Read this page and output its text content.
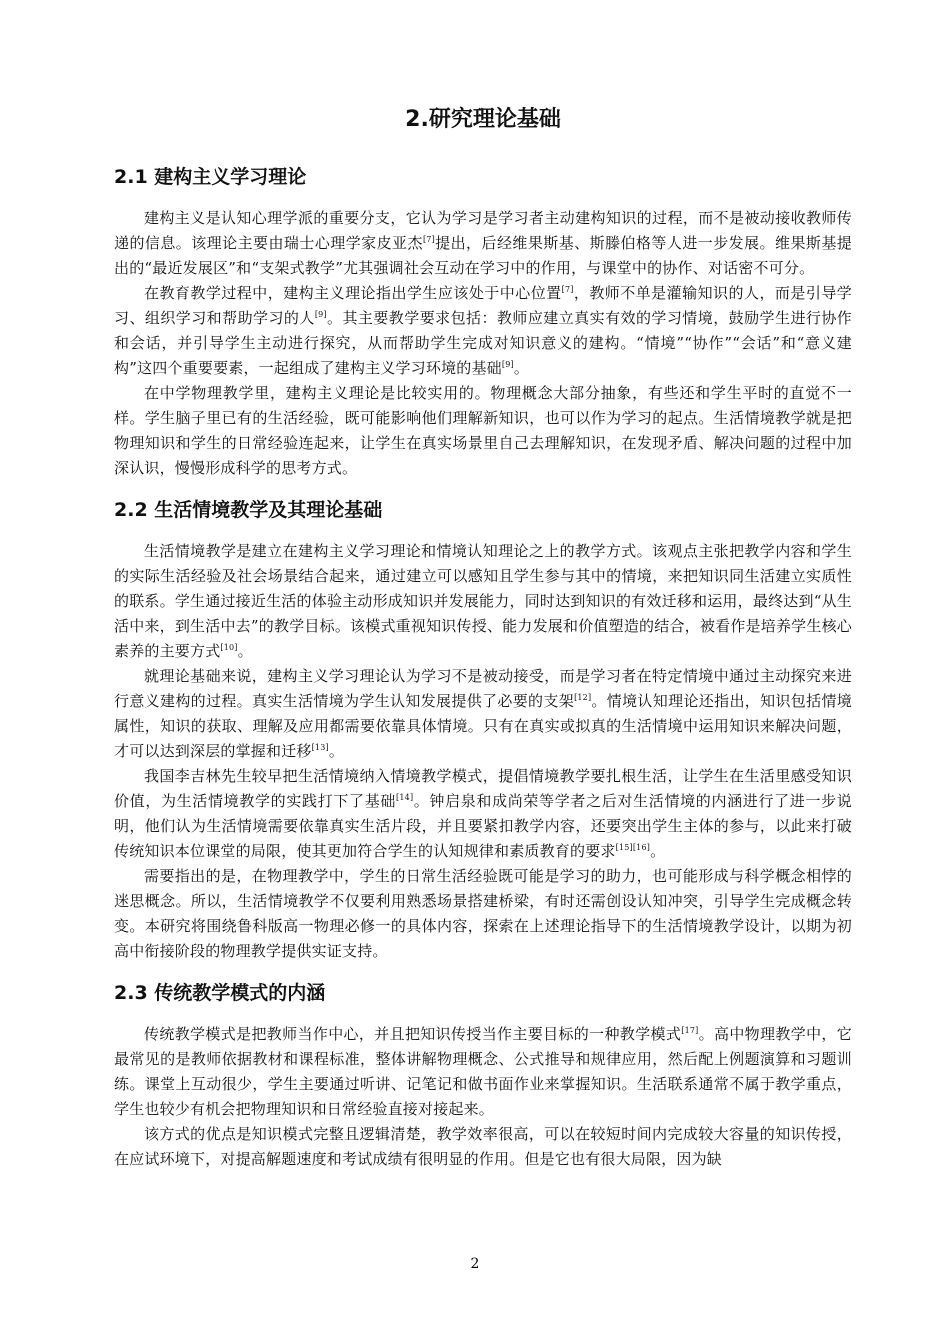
2.研究理论基础
2.1 建构主义学习理论

建构主义是认知心理学派的重要分支，它认为学习是学习者主动建构知识的过程，而不是被动接收教师传递的信息。该理论主要由瑞士心理学家皮亚杰[7]提出，后经维果斯基、斯滕伯格等人进一步发展。维果斯基提出的“最近发展区”和“支架式教学”尤其强调社会互动在学习中的作用，与课堂中的协作、对话密不可分。

在教育教学过程中，建构主义理论指出学生应该处于中心位置[7]，教师不单是灌输知识的人，而是引导学习、组织学习和帮助学习的人[9]。其主要教学要求包括：教师应建立真实有效的学习情境，鼓励学生进行协作和会话，并引导学生主动进行探究，从而帮助学生完成对知识意义的建构。“情境”“协作”“会话”和“意义建构”这四个重要要素，一起组成了建构主义学习环境的基础[9]。

在中学物理教学里，建构主义理论是比较实用的。物理概念大部分抽象，有些还和学生平时的直觉不一样。学生脑子里已有的生活经验，既可能影响他们理解新知识，也可以作为学习的起点。生活情境教学就是把物理知识和学生的日常经验连起来，让学生在真实场景里自己去理解知识，在发现矛盾、解决问题的过程中加深认识，慢慢形成科学的思考方式。

2.2 生活情境教学及其理论基础

生活情境教学是建立在建构主义学习理论和情境认知理论之上的教学方式。该观点主张把教学内容和学生的实际生活经验及社会场景结合起来，通过建立可以感知且学生参与其中的情境，来把知识同生活建立实质性的联系。学生通过接近生活的体验主动形成知识并发展能力，同时达到知识的有效迁移和运用，最终达到“从生活中来，到生活中去”的教学目标。该模式重视知识传授、能力发展和价值塑造的结合，被看作是培养学生核心素养的主要方式[10]。

就理论基础来说，建构主义学习理论认为学习不是被动接受，而是学习者在特定情境中通过主动探究来进行意义建构的过程。真实生活情境为学生认知发展提供了必要的支架[12]。情境认知理论还指出，知识包括情境属性，知识的获取、理解及应用都需要依靠具体情境。只有在真实或拟真的生活情境中运用知识来解决问题，才可以达到深层的掌握和迁移[13]。

我国李吉林先生较早把生活情境纳入情境教学模式，提倡情境教学要扎根生活，让学生在生活里感受知识价值，为生活情境教学的实践打下了基础[14]。钟启泉和成尚荣等学者之后对生活情境的内涵进行了进一步说明，他们认为生活情境需要依靠真实生活片段，并且要紧扣教学内容，还要突出学生主体的参与，以此来打破传统知识本位课堂的局限，使其更加符合学生的认知规律和素质教育的要求[15][16]。

需要指出的是，在物理教学中，学生的日常生活经验既可能是学习的助力，也可能形成与科学概念相悖的迷思概念。所以，生活情境教学不仅要利用熟悉场景搭建桥梁，有时还需创设认知冲突，引导学生完成概念转变。本研究将围绕鲁科版高一物理必修一的具体内容，探索在上述理论指导下的生活情境教学设计，以期为初高中衔接阶段的物理教学提供实证支持。

2.3 传统教学模式的内涵

传统教学模式是把教师当作中心，并且把知识传授当作主要目标的一种教学模式[17]。高中物理教学中，它最常见的是教师依据教材和课程标准，整体讲解物理概念、公式推导和规律应用，然后配上例题演算和习题训练。课堂上互动很少，学生主要通过听讲、记笔记和做书面作业来掌握知识。生活联系通常不属于教学重点，学生也较少有机会把物理知识和日常经验直接对接起来。

该方式的优点是知识模式完整且逻辑清楚，教学效率很高，可以在较短时间内完成较大容量的知识传授，在应试环境下，对提高解题速度和考试成绩有很明显的作用。但是它也有很大局限，因为缺

2
